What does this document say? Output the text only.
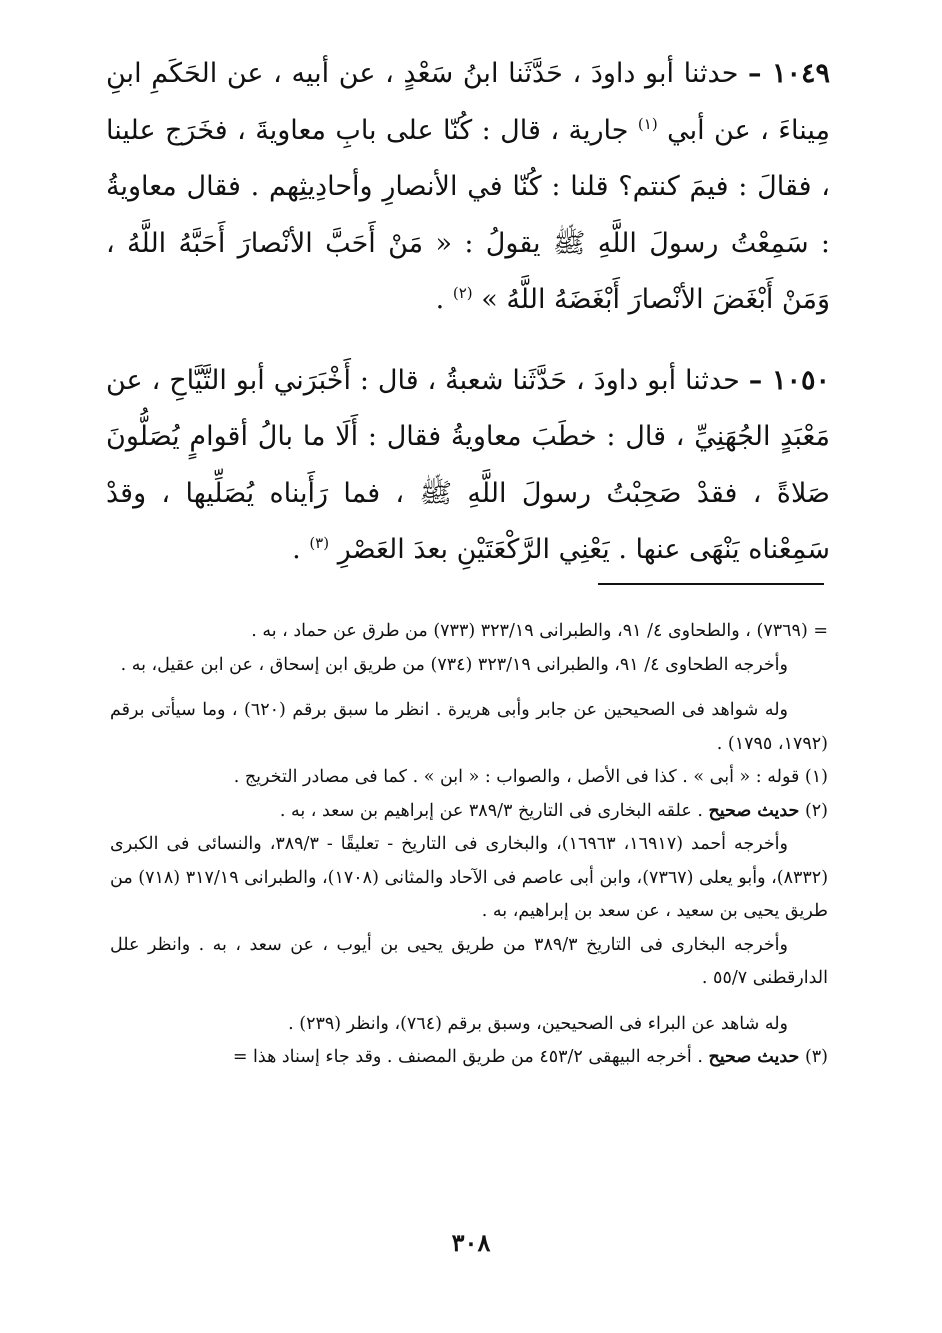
١٠٤٩ – حدثنا أبو داودَ ، حَدَّثَنا ابنُ سَعْدٍ ، عن أبيه ، عن الحَكَمِ ابنِ مِيناءَ ، عن أبي $^{(١)}$ جارية ، قال : كُنّا على بابِ معاويةَ ، فخَرَج علينا ، فقالَ : فيمَ كنتم؟ قلنا : كُنّا في الأنصارِ وأحادِيثِهم . فقال معاويةُ : سَمِعْتُ رسولَ اللَّهِ ﷺ يقولُ : « مَنْ أَحَبَّ الأنْصارَ أَحَبَّهُ اللَّهُ ، وَمَنْ أَبْغَضَ الأنْصارَ أَبْغَضَهُ اللَّهُ » $^{(٢)}$ .

١٠٥٠ – حدثنا أبو داودَ ، حَدَّثَنا شعبةُ ، قال : أَخْبَرَني أبو التَّيَّاحِ ، عن مَعْبَدٍ الجُهَنِيِّ ، قال : خطَبَ معاويةُ فقال : أَلَا ما بالُ أقوامٍ يُصَلُّونَ صَلاةً ، فقدْ صَحِبْتُ رسولَ اللَّهِ ﷺ ، فما رَأَيناه يُصَلِّيها ، وقدْ سَمِعْناه يَنْهَى عنها . يَعْنِي الرَّكْعَتَيْنِ بعدَ العَصْرِ $^{(٣)}$ .

= (٧٣٦٩) ، والطحاوى ٤/ ٩١، والطبرانى ٣٢٣/١٩ (٧٣٣) من طرق عن حماد ، به .

وأخرجه الطحاوى ٤/ ٩١، والطبرانى ٣٢٣/١٩ (٧٣٤) من طريق ابن إسحاق ، عن ابن عقيل، به .

وله شواهد فى الصحيحين عن جابر وأبى هريرة . انظر ما سبق برقم (٦٢٠) ، وما سيأتى برقم (١٧٩٢، ١٧٩٥) .

(١) قوله : « أبى » . كذا فى الأصل ، والصواب : « ابن » . كما فى مصادر التخريج .

(٢) حديث صحيح . علقه البخارى فى التاريخ ٣٨٩/٣ عن إبراهيم بن سعد ، به .

وأخرجه أحمد (١٦٩١٧، ١٦٩٦٣)، والبخارى فى التاريخ - تعليقًا - ٣٨٩/٣، والنسائى فى الكبرى (٨٣٣٢)، وأبو يعلى (٧٣٦٧)، وابن أبى عاصم فى الآحاد والمثانى (١٧٠٨)، والطبرانى ٣١٧/١٩ (٧١٨) من طريق يحيى بن سعيد ، عن سعد بن إبراهيم، به .

وأخرجه البخارى فى التاريخ ٣٨٩/٣ من طريق يحيى بن أيوب ، عن سعد ، به . وانظر علل الدارقطنى ٥٥/٧ .

وله شاهد عن البراء فى الصحيحين، وسبق برقم (٧٦٤)، وانظر (٢٣٩) .

(٣) حديث صحيح . أخرجه البيهقى ٤٥٣/٢ من طريق المصنف . وقد جاء إسناد هذا =

٣٠٨
